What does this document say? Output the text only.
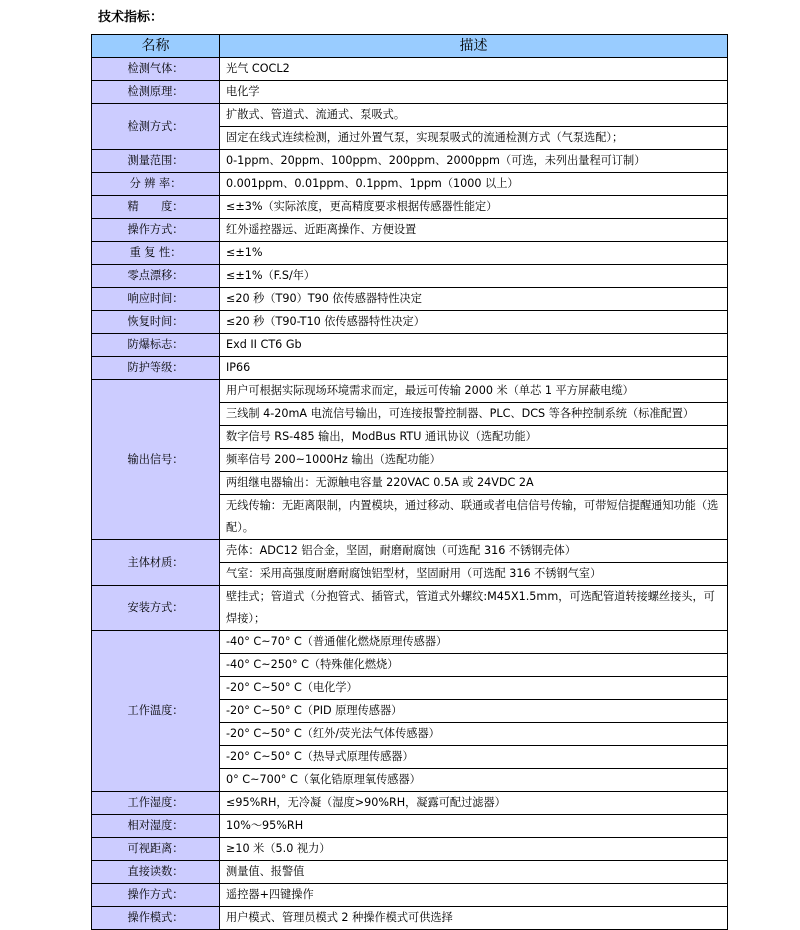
技术指标：
名称	描述
检测气体：	光气 COCL2
检测原理：	电化学
检测方式：	扩散式、管道式、流通式、泵吸式。
	固定在线式连续检测，通过外置气泵，实现泵吸式的流通检测方式（气泵选配）；
测量范围：	0-1ppm、20ppm、100ppm、200ppm、2000ppm（可选，未列出量程可订制）
分 辨 率：	0.001ppm、0.01ppm、0.1ppm、1ppm（1000 以上）
精　　度：	≤±3%（实际浓度，更高精度要求根据传感器性能定）
操作方式：	红外遥控器远、近距离操作、方便设置
重 复 性：	≤±1%
零点漂移：	≤±1%（F.S/年）
响应时间：	≤20 秒（T90）T90 依传感器特性决定
恢复时间：	≤20 秒（T90-T10 依传感器特性决定）
防爆标志：	Exd II CT6 Gb
防护等级：	IP66
输出信号：	用户可根据实际现场环境需求而定，最远可传输 2000 米（单芯 1 平方屏蔽电缆）
	三线制 4-20mA 电流信号输出，可连接报警控制器、PLC、DCS 等各种控制系统（标准配置）
	数字信号 RS-485 输出，ModBus RTU 通讯协议（选配功能）
	频率信号 200~1000Hz 输出（选配功能）
	两组继电器输出：无源触电容量 220VAC 0.5A 或 24VDC 2A
	无线传输：无距离限制，内置模块，通过移动、联通或者电信信号传输，可带短信提醒通知功能（选配）。
主体材质：	壳体：ADC12 铝合金，坚固，耐磨耐腐蚀（可选配 316 不锈钢壳体）
	气室：采用高强度耐磨耐腐蚀铝型材，坚固耐用（可选配 316 不锈钢气室）
安装方式：	壁挂式；管道式（分抱管式、插管式，管道式外螺纹:M45X1.5mm，可选配管道转接螺丝接头，可焊接）；
工作温度：	-40° C~70° C（普通催化燃烧原理传感器）
	-40° C~250° C（特殊催化燃烧）
	-20° C~50° C（电化学）
	-20° C~50° C（PID 原理传感器）
	-20° C~50° C（红外/荧光法气体传感器）
	-20° C~50° C（热导式原理传感器）
	0° C~700° C（氧化锆原理氧传感器）
工作湿度：	≤95%RH，无冷凝（湿度>90%RH，凝露可配过滤器）
相对湿度：	10%～95%RH
可视距离：	≥10 米（5.0 视力）
直接读数：	测量值、报警值
操作方式：	遥控器+四键操作
操作模式：	用户模式、管理员模式 2 种操作模式可供选择
